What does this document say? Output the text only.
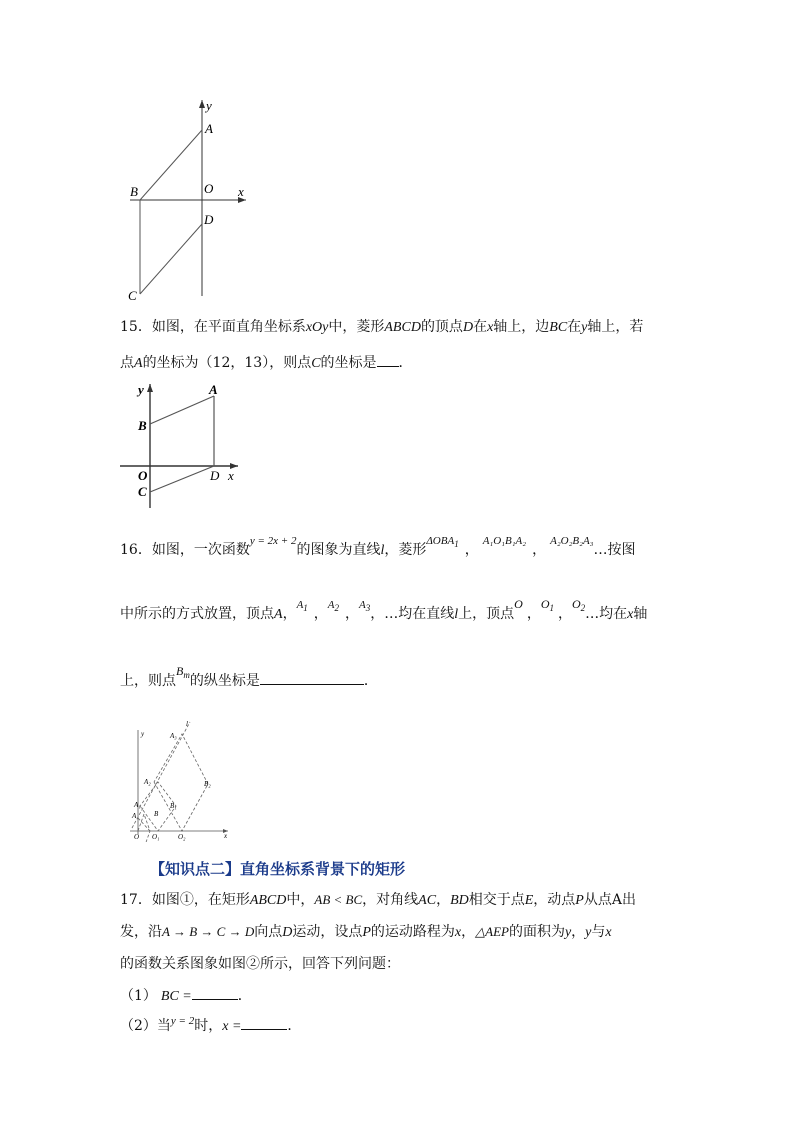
y
A
B	O x
D
C
15．如图，在平面直角坐标系xOy中，菱形ABCD的顶点D在x轴上，边BC在y轴上，若
点A的坐标为（12，13），则点C的坐标是 ．
y	A
B
O	D x
C
16．如图，一次函数$^{y = 2x + 2}$的图象为直线l，菱形$^{\Delta OBA_1}$ ，$^{A_1O_1B_1A_2}$，$^{A_2O_2B_2A_3}$…按图
中所示的方式放置，顶点A，$^{A_1}$ ，$^{A_2}$ ，$^{A_3}$，…均在直线l上，顶点O，$O_1$ ，$O_2\dots$均在x轴
上，则点$B_m$的纵坐标是	．
y
l
A₃
A₂	B₂
A₁	B₁
B
A
O O₁	O₂	x
【知识点二】直角坐标系背景下的矩形
17．如图①，在矩形ABCD中，AB < BC，对角线AC，BD相交于点E，动点P从点A出
发，沿A → B → C → D向点D运动，设点P的运动路程为x，△AEP的面积为y，y与x
的函数关系图象如图②所示，回答下列问题：
（1） BC =	．
（2）当$^{y = 2}$时，x =	．
